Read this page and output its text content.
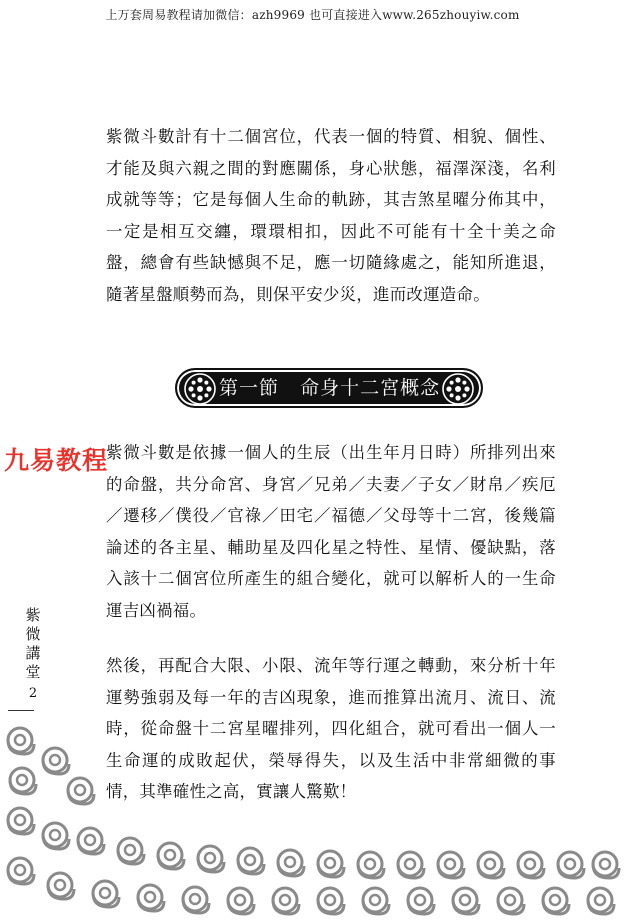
上万套周易教程请加微信：azh9969 也可直接进入www.265zhouyiw.com

紫微斗數計有十二個宮位，代表一個的特質、相貌、個性、才能及與六親之間的對應關係，身心狀態，福澤深淺，名利成就等等；它是每個人生命的軌跡，其吉煞星曜分佈其中，一定是相互交纏，環環相扣，因此不可能有十全十美之命盤，總會有些缺憾與不足，應一切隨緣處之，能知所進退，隨著星盤順勢而為，則保平安少災，進而改運造命。

第一節   命身十二宮概念

紫微斗數是依據一個人的生辰（出生年月日時）所排列出來的命盤，共分命宮、身宮／兄弟／夫妻／子女／財帛／疾厄／遷移／僕役／官祿／田宅／福德／父母等十二宮，後幾篇論述的各主星、輔助星及四化星之特性、星情、優缺點，落入該十二個宮位所產生的組合變化，就可以解析人的一生命運吉凶禍福。

然後，再配合大限、小限、流年等行運之轉動，來分析十年運勢強弱及每一年的吉凶現象，進而推算出流月、流日、流時，從命盤十二宮星曜排列，四化組合，就可看出一個人一生命運的成敗起伏，榮辱得失，以及生活中非常細微的事情，其準確性之高，實讓人驚歎！

九易教程
紫
微
講
堂
2
